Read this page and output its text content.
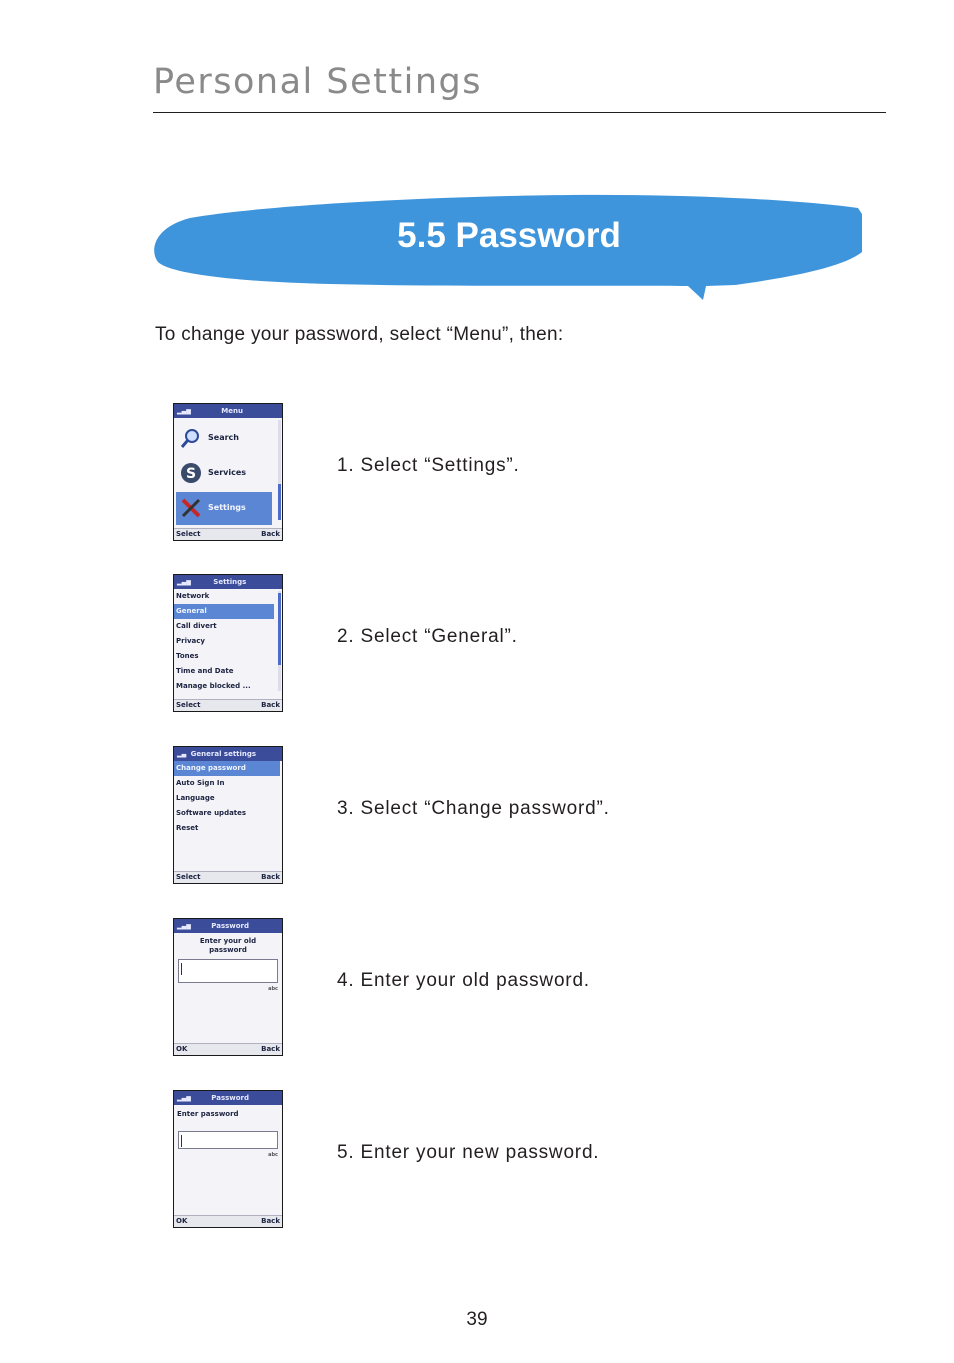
Personal Settings
5.5 Password
To change your password, select “Menu”, then:
▂▄▆	Menu
Search
S Services
Settings
Select	Back
1. Select “Settings”.
▂▄▆	Settings
Network
General
Call divert
Privacy
Tones
Time and Date
Manage blocked ...
Select	Back
2. Select “General”.
▂▄ General settings
Change password
Auto Sign In
Language
Software updates
Reset
Select	Back
3. Select “Change password”.
▂▄▆	Password
Enter your old password
abc
OK	Back
4. Enter your old password.
▂▄▆	Password
Enter password
abc
OK	Back
5. Enter your new password.
39
